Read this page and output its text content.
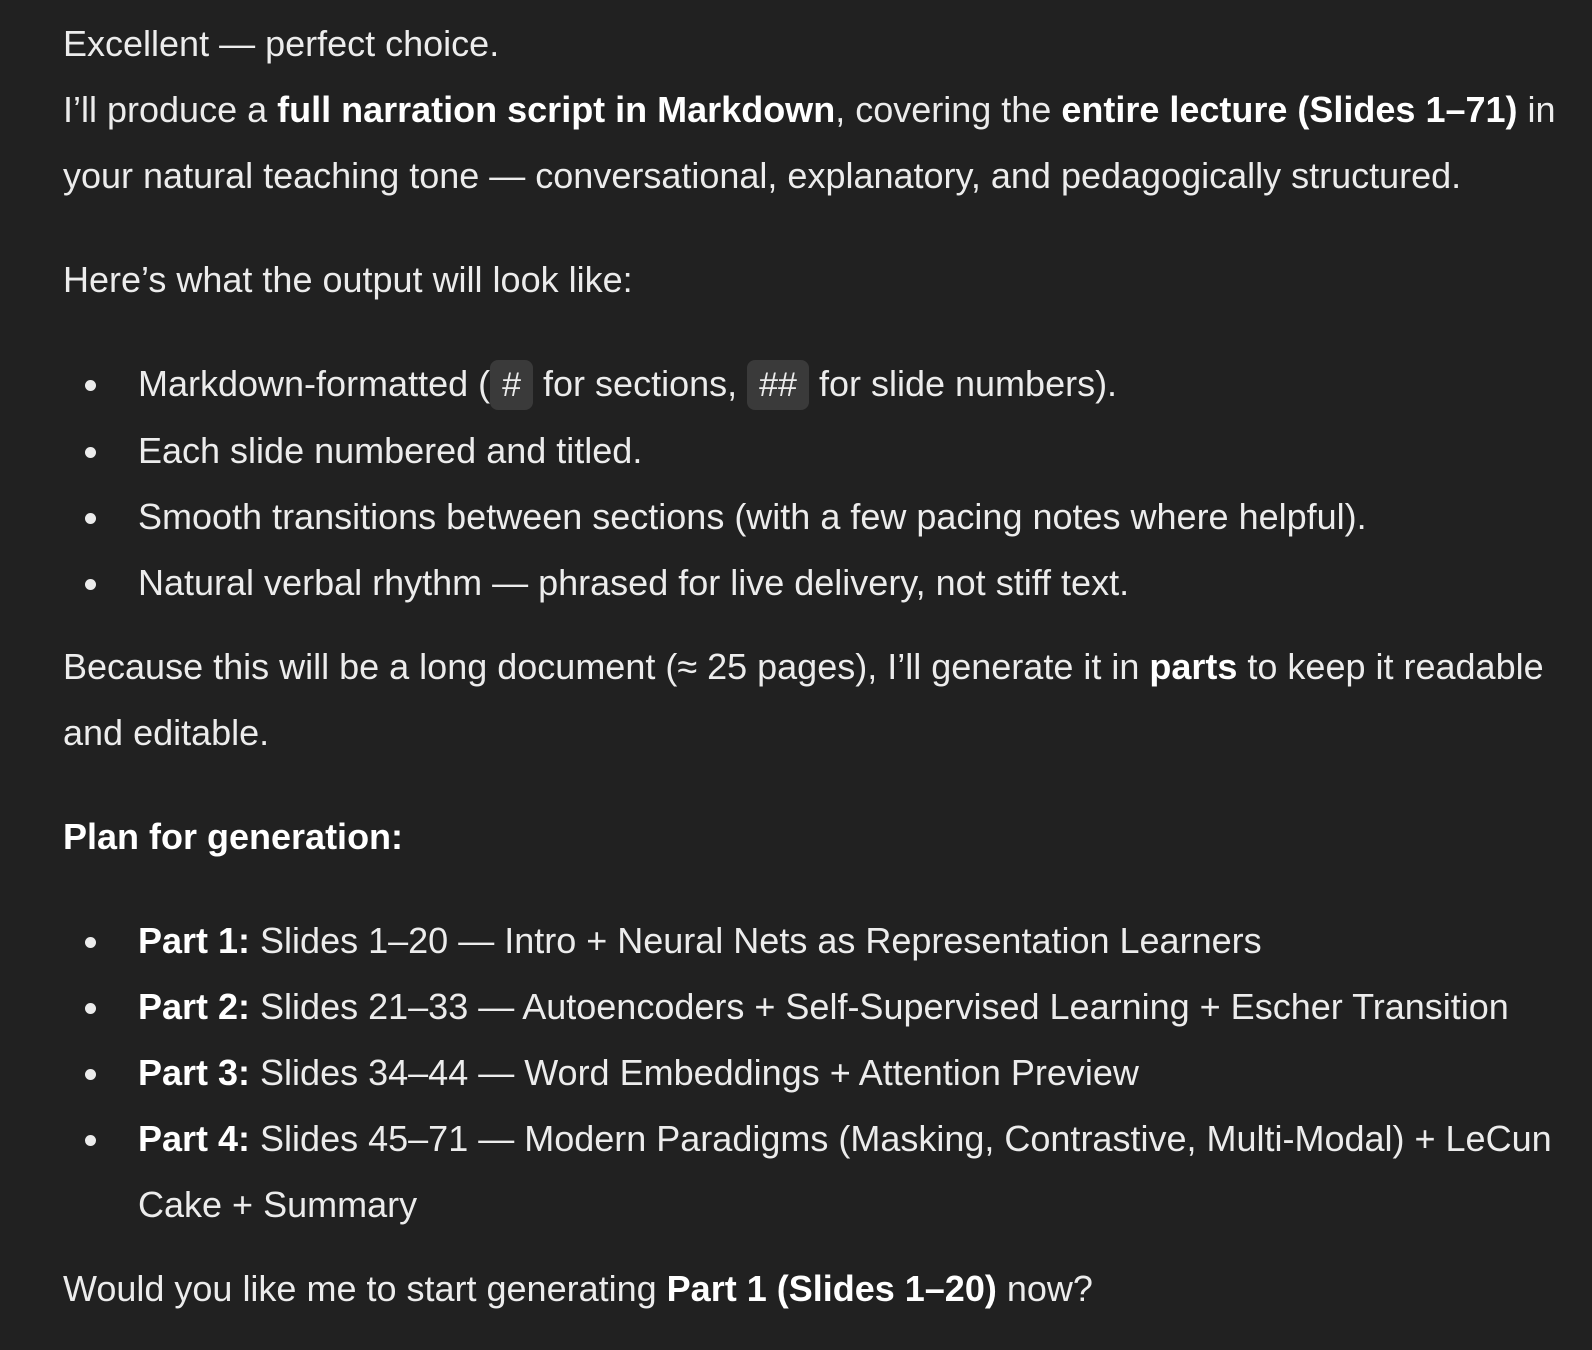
Excellent — perfect choice.

I’ll produce a full narration script in Markdown, covering the entire lecture (Slides 1–71) in your natural teaching tone — conversational, explanatory, and pedagogically structured.

Here’s what the output will look like:

Markdown-formatted ( # for sections, ## for slide numbers).
Each slide numbered and titled.
Smooth transitions between sections (with a few pacing notes where helpful).
Natural verbal rhythm — phrased for live delivery, not stiff text.

Because this will be a long document (≈ 25 pages), I’ll generate it in parts to keep it readable and editable.

Plan for generation:

Part 1: Slides 1–20 — Intro + Neural Nets as Representation Learners
Part 2: Slides 21–33 — Autoencoders + Self-Supervised Learning + Escher Transition
Part 3: Slides 34–44 — Word Embeddings + Attention Preview
Part 4: Slides 45–71 — Modern Paradigms (Masking, Contrastive, Multi-Modal) + LeCun Cake + Summary

Would you like me to start generating Part 1 (Slides 1–20) now?
